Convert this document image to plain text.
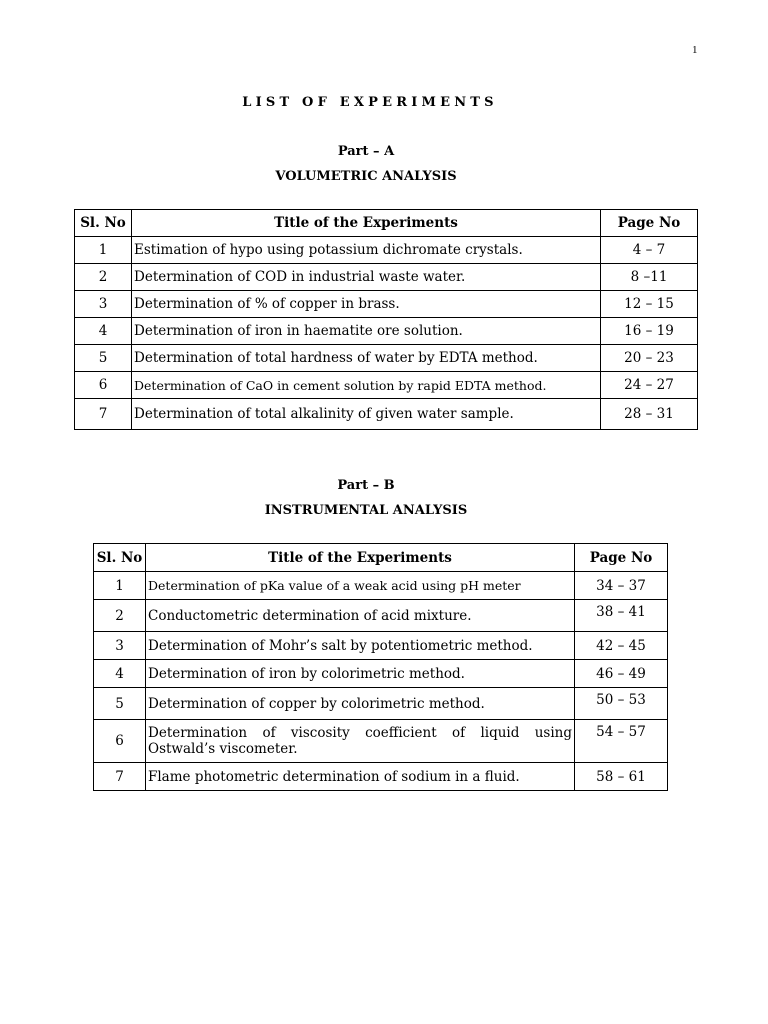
1
LIST OF EXPERIMENTS
Part – A
VOLUMETRIC ANALYSIS
Sl. No	Title of the Experiments	Page No
1	Estimation of hypo using potassium dichromate crystals.	4 – 7
2	Determination of COD in industrial waste water.	8 –11
3	Determination of % of copper in brass.	12 – 15
4	Determination of iron in haematite ore solution.	16 – 19
5	Determination of total hardness of water by EDTA method.	20 – 23
6	Determination of CaO in cement solution by rapid EDTA method.	24 – 27
7	Determination of total alkalinity of given water sample.	28 – 31
Part – B
INSTRUMENTAL ANALYSIS
Sl. No	Title of the Experiments	Page No
1	Determination of pKa value of a weak acid using pH meter	34 – 37
2	Conductometric determination of acid mixture.	38 – 41
3	Determination of Mohr’s salt by potentiometric method.	42 – 45
4	Determination of iron by colorimetric method.	46 – 49
5	Determination of copper by colorimetric method.	50 – 53
6	Determination of viscosity coefficient of liquid using Ostwald’s viscometer.	54 – 57
7	Flame photometric determination of sodium in a fluid.	58 – 61
